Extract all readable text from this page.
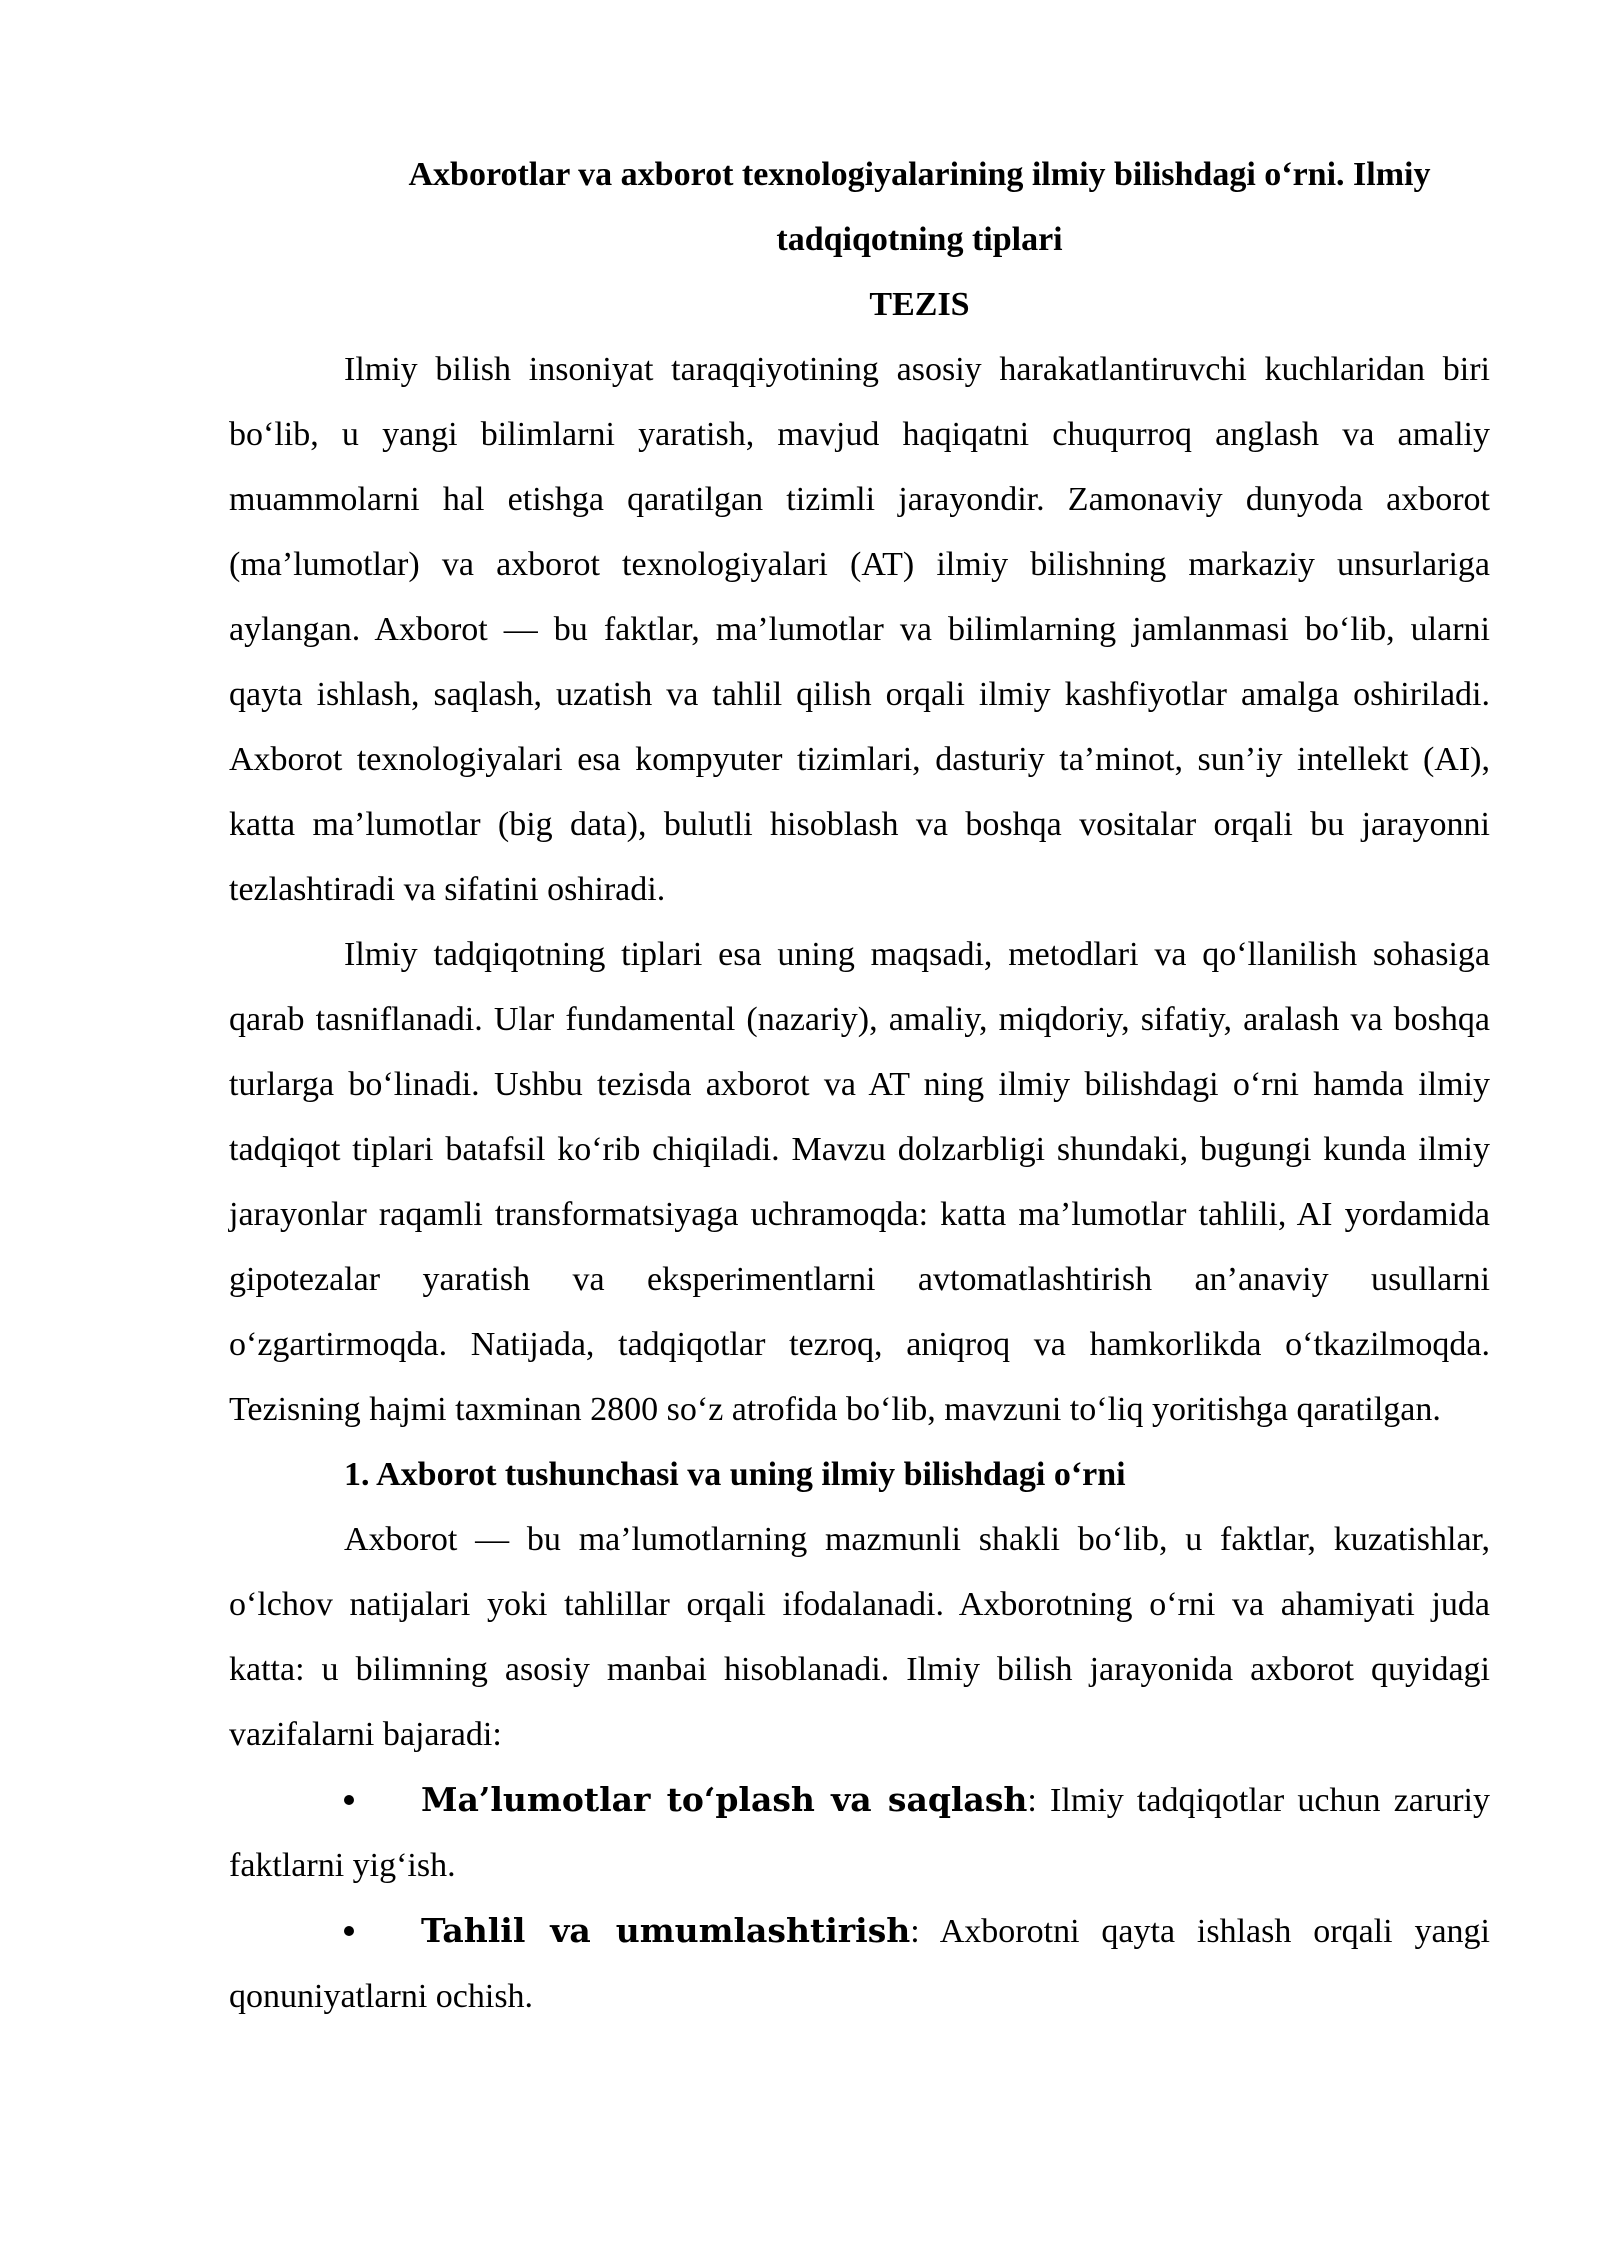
Axborotlar va axborot texnologiyalarining ilmiy bilishdagi o‘rni. Ilmiy
tadqiqotning tiplari
TEZIS

Ilmiy bilish insoniyat taraqqiyotining asosiy harakatlantiruvchi kuchlaridan biri bo‘lib, u yangi bilimlarni yaratish, mavjud haqiqatni chuqurroq anglash va amaliy muammolarni hal etishga qaratilgan tizimli jarayondir. Zamonaviy dunyoda axborot (ma’lumotlar) va axborot texnologiyalari (AT) ilmiy bilishning markaziy unsurlariga aylangan. Axborot — bu faktlar, ma’lumotlar va bilimlarning jamlanmasi bo‘lib, ularni qayta ishlash, saqlash, uzatish va tahlil qilish orqali ilmiy kashfiyotlar amalga oshiriladi. Axborot texnologiyalari esa kompyuter tizimlari, dasturiy ta’minot, sun’iy intellekt (AI), katta ma’lumotlar (big data), bulutli hisoblash va boshqa vositalar orqali bu jarayonni tezlashtiradi va sifatini oshiradi.

Ilmiy tadqiqotning tiplari esa uning maqsadi, metodlari va qo‘llanilish sohasiga qarab tasniflanadi. Ular fundamental (nazariy), amaliy, miqdoriy, sifatiy, aralash va boshqa turlarga bo‘linadi. Ushbu tezisda axborot va AT ning ilmiy bilishdagi o‘rni hamda ilmiy tadqiqot tiplari batafsil ko‘rib chiqiladi. Mavzu dolzarbligi shundaki, bugungi kunda ilmiy jarayonlar raqamli transformatsiyaga uchramoqda: katta ma’lumotlar tahlili, AI yordamida gipotezalar yaratish va eksperimentlarni avtomatlashtirish an’anaviy usullarni o‘zgartirmoqda. Natijada, tadqiqotlar tezroq, aniqroq va hamkorlikda o‘tkazilmoqda. Tezisning hajmi taxminan 2800 so‘z atrofida bo‘lib, mavzuni to‘liq yoritishga qaratilgan.

1. Axborot tushunchasi va uning ilmiy bilishdagi o‘rni

Axborot — bu ma’lumotlarning mazmunli shakli bo‘lib, u faktlar, kuzatishlar, o‘lchov natijalari yoki tahlillar orqali ifodalanadi. Axborotning o‘rni va ahamiyati juda katta: u bilimning asosiy manbai hisoblanadi. Ilmiy bilish jarayonida axborot quyidagi vazifalarni bajaradi:

Ma’lumotlar to‘plash va saqlash: Ilmiy tadqiqotlar uchun zaruriy faktlarni yig‘ish.

Tahlil va umumlashtirish: Axborotni qayta ishlash orqali yangi qonuniyatlarni ochish.
